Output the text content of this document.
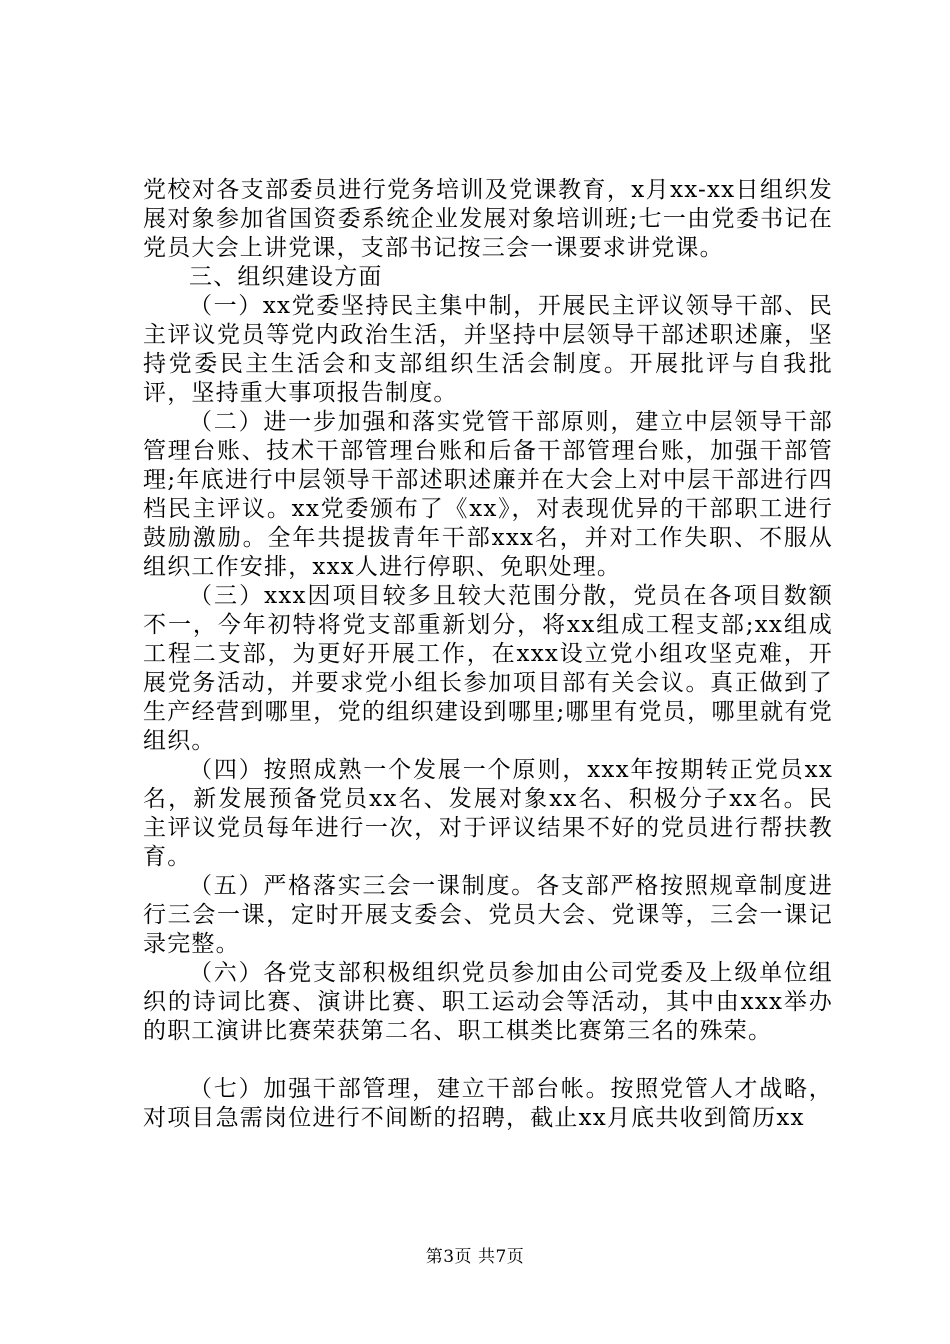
党校对各支部委员进行党务培训及党课教育，x月xx-xx日组织发展对象参加省国资委系统企业发展对象培训班;七一由党委书记在党员大会上讲党课，支部书记按三会一课要求讲党课。

三、组织建设方面

（一）xx党委坚持民主集中制，开展民主评议领导干部、民主评议党员等党内政治生活，并坚持中层领导干部述职述廉，坚持党委民主生活会和支部组织生活会制度。开展批评与自我批评，坚持重大事项报告制度。

（二）进一步加强和落实党管干部原则，建立中层领导干部管理台账、技术干部管理台账和后备干部管理台账，加强干部管理;年底进行中层领导干部述职述廉并在大会上对中层干部进行四档民主评议。xx党委颁布了《xx》，对表现优异的干部职工进行鼓励激励。全年共提拔青年干部xxx名，并对工作失职、不服从组织工作安排，xxx人进行停职、免职处理。

（三）xxx因项目较多且较大范围分散，党员在各项目数额不一，今年初特将党支部重新划分，将xx组成工程支部;xx组成工程二支部，为更好开展工作，在xxx设立党小组攻坚克难，开展党务活动，并要求党小组长参加项目部有关会议。真正做到了生产经营到哪里，党的组织建设到哪里;哪里有党员，哪里就有党组织。

（四）按照成熟一个发展一个原则，xxx年按期转正党员xx名，新发展预备党员xx名、发展对象xx名、积极分子xx名。民主评议党员每年进行一次，对于评议结果不好的党员进行帮扶教育。

（五）严格落实三会一课制度。各支部严格按照规章制度进行三会一课，定时开展支委会、党员大会、党课等，三会一课记录完整。

（六）各党支部积极组织党员参加由公司党委及上级单位组织的诗词比赛、演讲比赛、职工运动会等活动，其中由xxx举办的职工演讲比赛荣获第二名、职工棋类比赛第三名的殊荣。

（七）加强干部管理，建立干部台帐。按照党管人才战略，对项目急需岗位进行不间断的招聘，截止xx月底共收到简历xx

第3页 共7页
